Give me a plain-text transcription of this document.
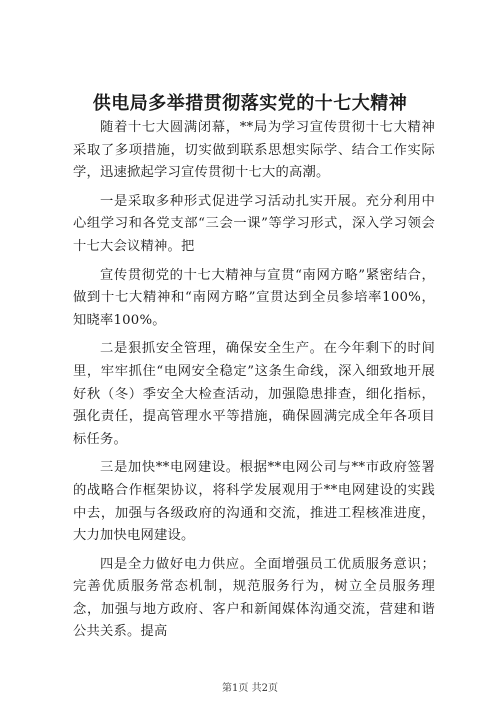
供电局多举措贯彻落实党的十七大精神

随着十七大圆满闭幕，**局为学习宣传贯彻十七大精神采取了多项措施，切实做到联系思想实际学、结合工作实际学，迅速掀起学习宣传贯彻十七大的高潮。

一是采取多种形式促进学习活动扎实开展。充分利用中心组学习和各党支部“三会一课”等学习形式，深入学习领会十七大会议精神。把

宣传贯彻党的十七大精神与宣贯“南网方略”紧密结合，做到十七大精神和“南网方略”宣贯达到全员参培率100%，知晓率100%。

二是狠抓安全管理，确保安全生产。在今年剩下的时间里，牢牢抓住“电网安全稳定”这条生命线，深入细致地开展好秋（冬）季安全大检查活动，加强隐患排查，细化指标，强化责任，提高管理水平等措施，确保圆满完成全年各项目标任务。

三是加快**电网建设。根据**电网公司与**市政府签署的战略合作框架协议，将科学发展观用于**电网建设的实践中去，加强与各级政府的沟通和交流，推进工程核准进度，大力加快电网建设。

四是全力做好电力供应。全面增强员工优质服务意识；完善优质服务常态机制，规范服务行为，树立全员服务理念，加强与地方政府、客户和新闻媒体沟通交流，营建和谐公共关系。提高

第1页 共2页
